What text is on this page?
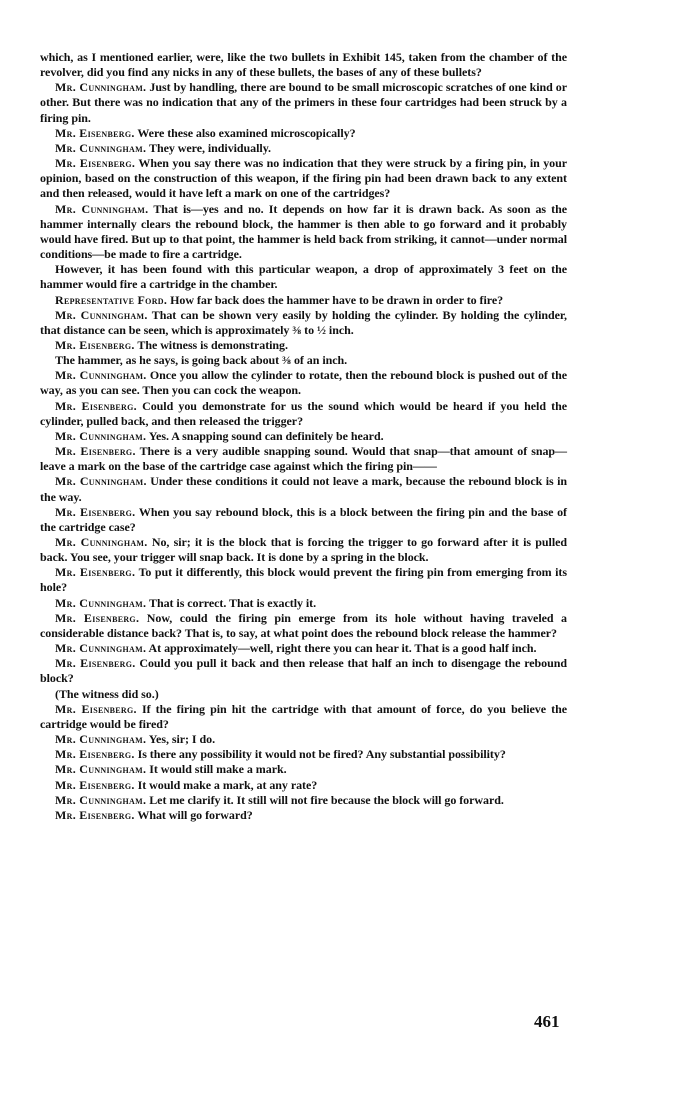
which, as I mentioned earlier, were, like the two bullets in Exhibit 145, taken from the chamber of the revolver, did you find any nicks in any of these bullets, the bases of any of these bullets?

Mr. Cunningham. Just by handling, there are bound to be small microscopic scratches of one kind or other. But there was no indication that any of the primers in these four cartridges had been struck by a firing pin.

Mr. Eisenberg. Were these also examined microscopically?

Mr. Cunningham. They were, individually.

Mr. Eisenberg. When you say there was no indication that they were struck by a firing pin, in your opinion, based on the construction of this weapon, if the firing pin had been drawn back to any extent and then released, would it have left a mark on one of the cartridges?

Mr. Cunningham. That is—yes and no. It depends on how far it is drawn back. As soon as the hammer internally clears the rebound block, the hammer is then able to go forward and it probably would have fired. But up to that point, the hammer is held back from striking, it cannot—under normal conditions—be made to fire a cartridge.

However, it has been found with this particular weapon, a drop of approximately 3 feet on the hammer would fire a cartridge in the chamber.

Representative Ford. How far back does the hammer have to be drawn in order to fire?

Mr. Cunningham. That can be shown very easily by holding the cylinder. By holding the cylinder, that distance can be seen, which is approximately ⅜ to ½ inch.

Mr. Eisenberg. The witness is demonstrating.

The hammer, as he says, is going back about ⅜ of an inch.

Mr. Cunningham. Once you allow the cylinder to rotate, then the rebound block is pushed out of the way, as you can see. Then you can cock the weapon.

Mr. Eisenberg. Could you demonstrate for us the sound which would be heard if you held the cylinder, pulled back, and then released the trigger?

Mr. Cunningham. Yes. A snapping sound can definitely be heard.

Mr. Eisenberg. There is a very audible snapping sound. Would that snap—that amount of snap—leave a mark on the base of the cartridge case against which the firing pin——

Mr. Cunningham. Under these conditions it could not leave a mark, because the rebound block is in the way.

Mr. Eisenberg. When you say rebound block, this is a block between the firing pin and the base of the cartridge case?

Mr. Cunningham. No, sir; it is the block that is forcing the trigger to go forward after it is pulled back. You see, your trigger will snap back. It is done by a spring in the block.

Mr. Eisenberg. To put it differently, this block would prevent the firing pin from emerging from its hole?

Mr. Cunningham. That is correct. That is exactly it.

Mr. Eisenberg. Now, could the firing pin emerge from its hole without having traveled a considerable distance back? That is, to say, at what point does the rebound block release the hammer?

Mr. Cunningham. At approximately—well, right there you can hear it. That is a good half inch.

Mr. Eisenberg. Could you pull it back and then release that half an inch to disengage the rebound block?

(The witness did so.)

Mr. Eisenberg. If the firing pin hit the cartridge with that amount of force, do you believe the cartridge would be fired?

Mr. Cunningham. Yes, sir; I do.

Mr. Eisenberg. Is there any possibility it would not be fired? Any substantial possibility?

Mr. Cunningham. It would still make a mark.

Mr. Eisenberg. It would make a mark, at any rate?

Mr. Cunningham. Let me clarify it. It still will not fire because the block will go forward.

Mr. Eisenberg. What will go forward?

461
